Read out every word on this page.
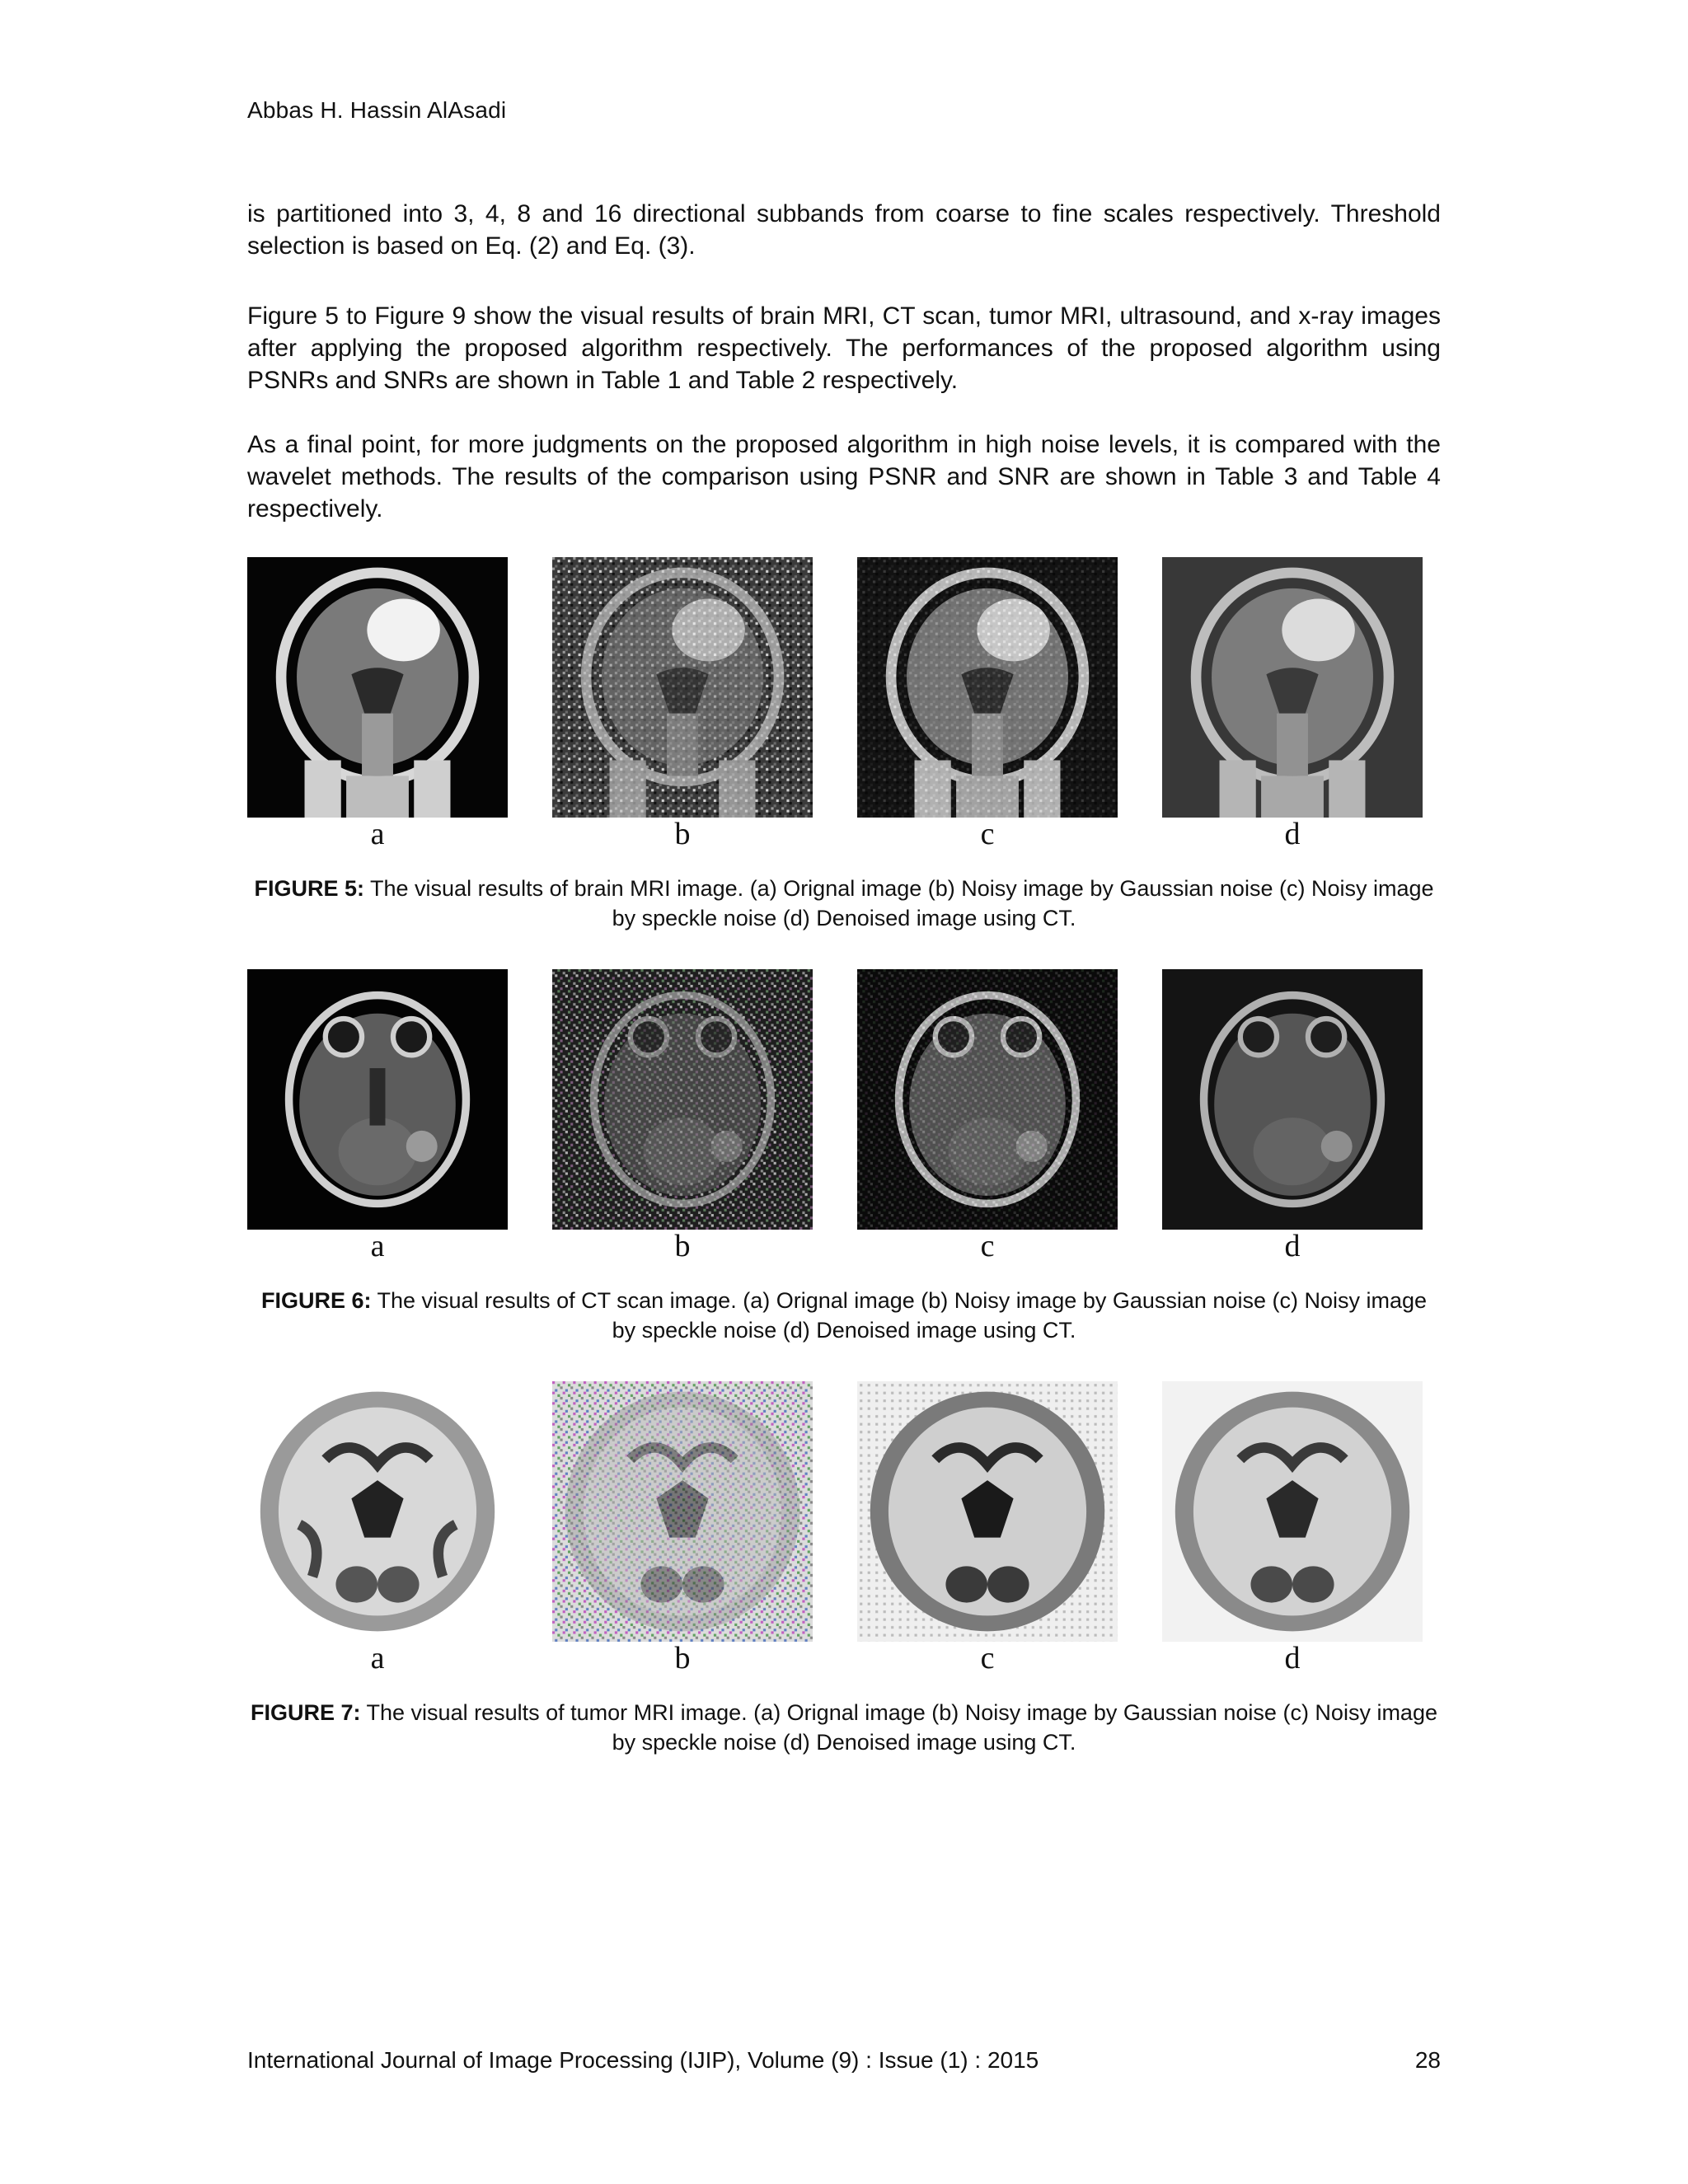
Abbas H. Hassin AlAsadi

is partitioned into 3, 4, 8 and 16 directional subbands from coarse to fine scales respectively. Threshold selection is based on Eq. (2) and Eq. (3).

Figure 5 to Figure 9 show the visual results of brain MRI, CT scan, tumor MRI, ultrasound, and x-ray images after applying the proposed algorithm respectively. The performances of the proposed algorithm using PSNRs and SNRs are shown in Table 1 and Table 2 respectively.

As a final point, for more judgments on the proposed algorithm in high noise levels, it is compared with the wavelet methods. The results of the comparison using PSNR and SNR are shown in Table 3 and Table 4 respectively.

a	b	c	d
FIGURE 5: The visual results of brain MRI image. (a) Orignal image (b) Noisy image by Gaussian noise (c) Noisy image by speckle noise (d) Denoised image using CT.
a	b	c	d
FIGURE 6: The visual results of CT scan image. (a) Orignal image (b) Noisy image by Gaussian noise (c) Noisy image by speckle noise (d) Denoised image using CT.
a	b	c	d
FIGURE 7: The visual results of tumor MRI image. (a) Orignal image (b) Noisy image by Gaussian noise (c) Noisy image by speckle noise (d) Denoised image using CT.
International Journal of Image Processing (IJIP), Volume (9) : Issue (1) : 2015	28
